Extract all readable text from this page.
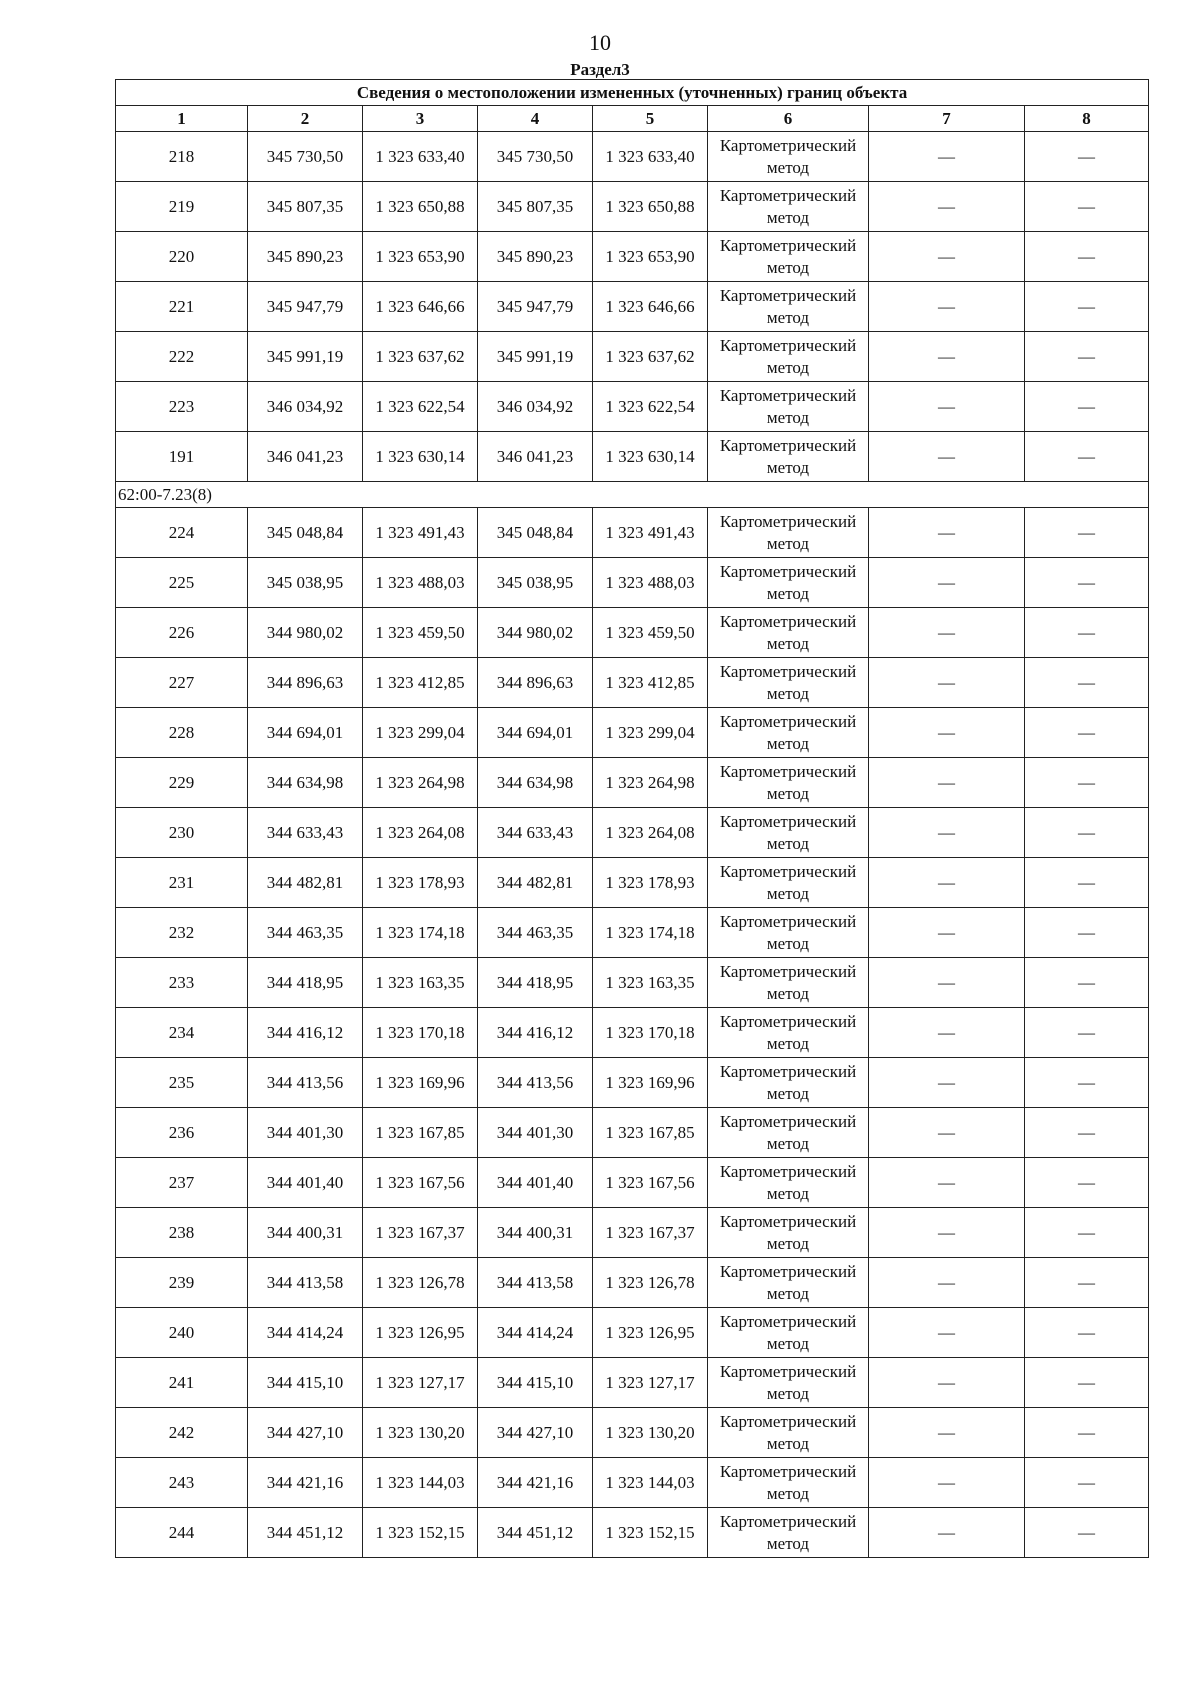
10
Раздел3
Сведения о местоположении измененных (уточненных) границ объекта							
1	2	3	4	5	6	7	8
218	345 730,50	1 323 633,40	345 730,50	1 323 633,40	Картометрический метод	—	—
219	345 807,35	1 323 650,88	345 807,35	1 323 650,88	Картометрический метод	—	—
220	345 890,23	1 323 653,90	345 890,23	1 323 653,90	Картометрический метод	—	—
221	345 947,79	1 323 646,66	345 947,79	1 323 646,66	Картометрический метод	—	—
222	345 991,19	1 323 637,62	345 991,19	1 323 637,62	Картометрический метод	—	—
223	346 034,92	1 323 622,54	346 034,92	1 323 622,54	Картометрический метод	—	—
191	346 041,23	1 323 630,14	346 041,23	1 323 630,14	Картометрический метод	—	—
62:00-7.23(8)							
224	345 048,84	1 323 491,43	345 048,84	1 323 491,43	Картометрический метод	—	—
225	345 038,95	1 323 488,03	345 038,95	1 323 488,03	Картометрический метод	—	—
226	344 980,02	1 323 459,50	344 980,02	1 323 459,50	Картометрический метод	—	—
227	344 896,63	1 323 412,85	344 896,63	1 323 412,85	Картометрический метод	—	—
228	344 694,01	1 323 299,04	344 694,01	1 323 299,04	Картометрический метод	—	—
229	344 634,98	1 323 264,98	344 634,98	1 323 264,98	Картометрический метод	—	—
230	344 633,43	1 323 264,08	344 633,43	1 323 264,08	Картометрический метод	—	—
231	344 482,81	1 323 178,93	344 482,81	1 323 178,93	Картометрический метод	—	—
232	344 463,35	1 323 174,18	344 463,35	1 323 174,18	Картометрический метод	—	—
233	344 418,95	1 323 163,35	344 418,95	1 323 163,35	Картометрический метод	—	—
234	344 416,12	1 323 170,18	344 416,12	1 323 170,18	Картометрический метод	—	—
235	344 413,56	1 323 169,96	344 413,56	1 323 169,96	Картометрический метод	—	—
236	344 401,30	1 323 167,85	344 401,30	1 323 167,85	Картометрический метод	—	—
237	344 401,40	1 323 167,56	344 401,40	1 323 167,56	Картометрический метод	—	—
238	344 400,31	1 323 167,37	344 400,31	1 323 167,37	Картометрический метод	—	—
239	344 413,58	1 323 126,78	344 413,58	1 323 126,78	Картометрический метод	—	—
240	344 414,24	1 323 126,95	344 414,24	1 323 126,95	Картометрический метод	—	—
241	344 415,10	1 323 127,17	344 415,10	1 323 127,17	Картометрический метод	—	—
242	344 427,10	1 323 130,20	344 427,10	1 323 130,20	Картометрический метод	—	—
243	344 421,16	1 323 144,03	344 421,16	1 323 144,03	Картометрический метод	—	—
244	344 451,12	1 323 152,15	344 451,12	1 323 152,15	Картометрический метод	—	—
